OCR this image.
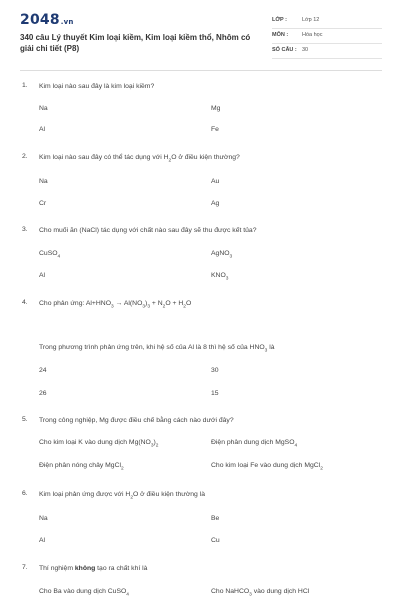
2048.vn
340 câu Lý thuyết Kim loại kiềm, Kim loại kiềm thổ, Nhôm có giải chi tiết (P8)
LỚP :	Lớp 12
MÔN :	Hóa học
SỐ CÂU : 30
1. Kim loại nào sau đây là kim loại kiềm?
Na	Mg
Al	Fe
2. Kim loại nào sau đây có thể tác dụng với $H_2O$ ở điều kiện thường?
Na	Au
Cr	Ag
3. Cho muối ăn (NaCl) tác dụng với chất nào sau đây sẽ thu được kết tủa?
CuSO$_4$	AgNO$_3$
Al	$KNO_3$
4. Cho phản ứng: $Al+HNO_3 \to Al(NO_3)_3 + N_2O + H_2O$
Trong phương trình phản ứng trên, khi hệ số của Al là 8 thì hệ số của $HNO_3$ là
24	30
26	15
5. Trong công nghiệp, Mg được điều chế bằng cách nào dưới đây?
Cho kim loại K vào dung dịch $Mg(NO_3)_2$	Điện phân dung dịch MgSO$_4$
Điện phân nóng chảy MgCl$_2$	Cho kim loại Fe vào dung dịch MgCl$_2$
6. Kim loại phản ứng được với $H_2O$ ở điều kiện thường là
Na	Be
Al	Cu
7. Thí nghiệm không tạo ra chất khí là
Cho Ba vào dung dịch CuSO$_4$	Cho NaHCO$_3$ vào dung dịch HCl
